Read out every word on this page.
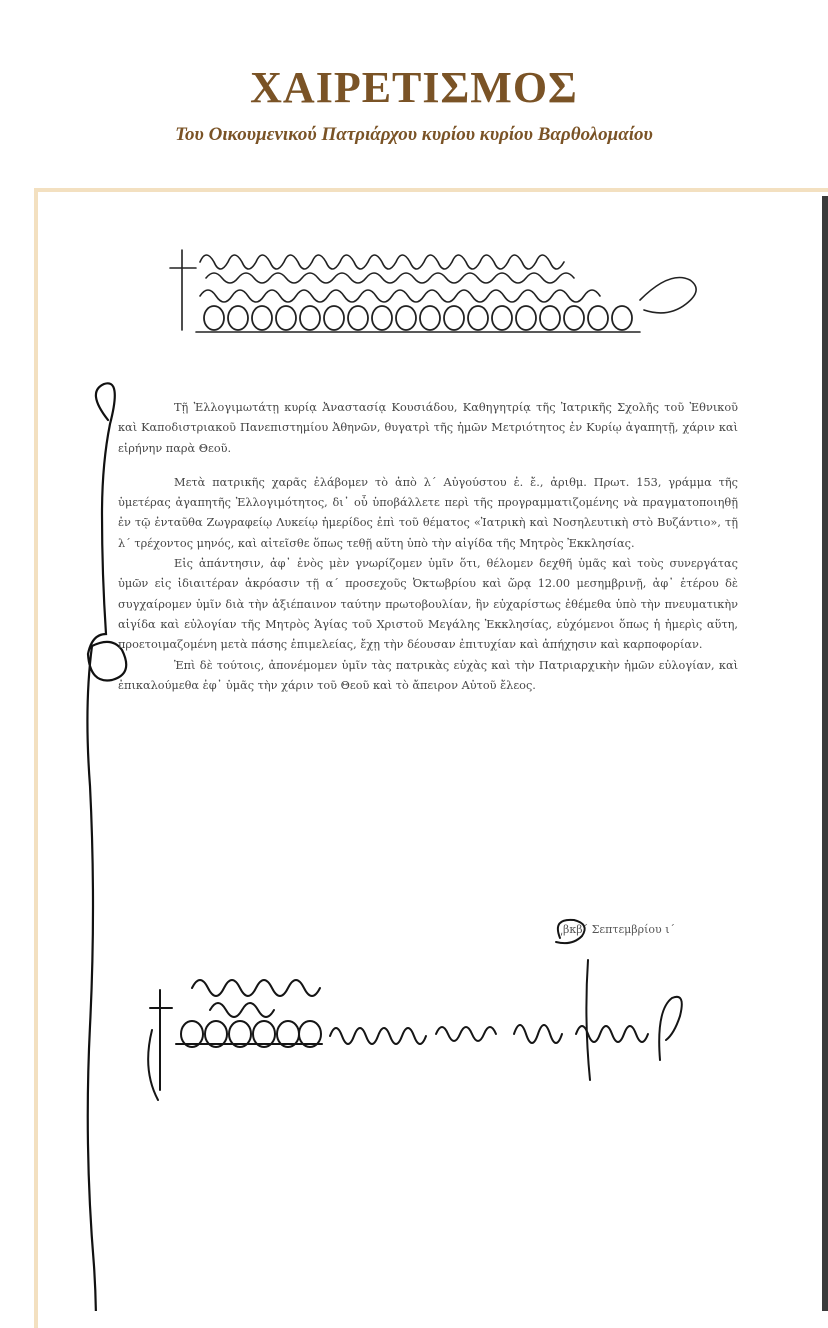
ΧΑΙΡΕΤΙΣΜΟΣ
Του Οικουμενικού Πατριάρχου κυρίου κυρίου Βαρθολομαίου

Τῇ Ἐλλογιμωτάτῃ κυρίᾳ Ἀναστασίᾳ Κουσιάδου, Καθηγητρίᾳ τῆς Ἰατρικῆς Σχολῆς τοῦ Ἐθνικοῦ καὶ Καποδιστριακοῦ Πανεπιστημίου Ἀθηνῶν, θυγατρὶ τῆς ἡμῶν Μετριότητος ἐν Κυρίῳ ἀγαπητῇ, χάριν καὶ εἰρήνην παρὰ Θεοῦ.

Μετὰ πατρικῆς χαρᾶς ἐλάβομεν τὸ ἀπὸ λ΄ Αὐγούστου ἐ. ἔ., ἀριθμ. Πρωτ. 153, γράμμα τῆς ὑμετέρας ἀγαπητῆς Ἐλλογιμότητος, δι᾽ οὗ ὑποβάλλετε περὶ τῆς προγραμματιζομένης νὰ πραγματοποιηθῇ ἐν τῷ ἐνταῦθα Ζωγραφείῳ Λυκείῳ ἡμερίδος ἐπὶ τοῦ θέματος «Ἰατρικὴ καὶ Νοσηλευτικὴ στὸ Βυζάντιο», τῇ λ΄ τρέχοντος μηνός, καὶ αἰτεῖσθε ὅπως τεθῇ αὕτη ὑπὸ τὴν αἰγίδα τῆς Μητρὸς Ἐκκλησίας.

Εἰς ἀπάντησιν, ἀφ᾽ ἑνὸς μὲν γνωρίζομεν ὑμῖν ὅτι, θέλομεν δεχθῆ ὑμᾶς καὶ τοὺς συνεργάτας ὑμῶν εἰς ἰδιαιτέραν ἀκρόασιν τῇ α΄ προσεχοῦς Ὀκτωβρίου καὶ ὥρᾳ 12.00 μεσημβρινῇ, ἀφ᾽ ἑτέρου δὲ συγχαίρομεν ὑμῖν διὰ τὴν ἀξιέπαινον ταύτην πρωτοβουλίαν, ἣν εὐχαρίστως ἐθέμεθα ὑπὸ τὴν πνευματικὴν αἰγίδα καὶ εὐλογίαν τῆς Μητρὸς Ἁγίας τοῦ Χριστοῦ Μεγάλης Ἐκκλησίας, εὐχόμενοι ὅπως ἡ ἡμερὶς αὕτη, προετοιμαζομένη μετὰ πάσης ἐπιμελείας, ἔχῃ τὴν δέουσαν ἐπιτυχίαν καὶ ἀπήχησιν καὶ καρποφορίαν.

Ἐπὶ δὲ τούτοις, ἀπονέμομεν ὑμῖν τὰς πατρικὰς εὐχὰς καὶ τὴν Πατριαρχικὴν ἡμῶν εὐλογίαν, καὶ ἐπικαλούμεθα ἐφ᾽ ὑμᾶς τὴν χάριν τοῦ Θεοῦ καὶ τὸ ἄπειρον Αὐτοῦ ἔλεος.

͵βκβ΄ Σεπτεμβρίου ι΄
